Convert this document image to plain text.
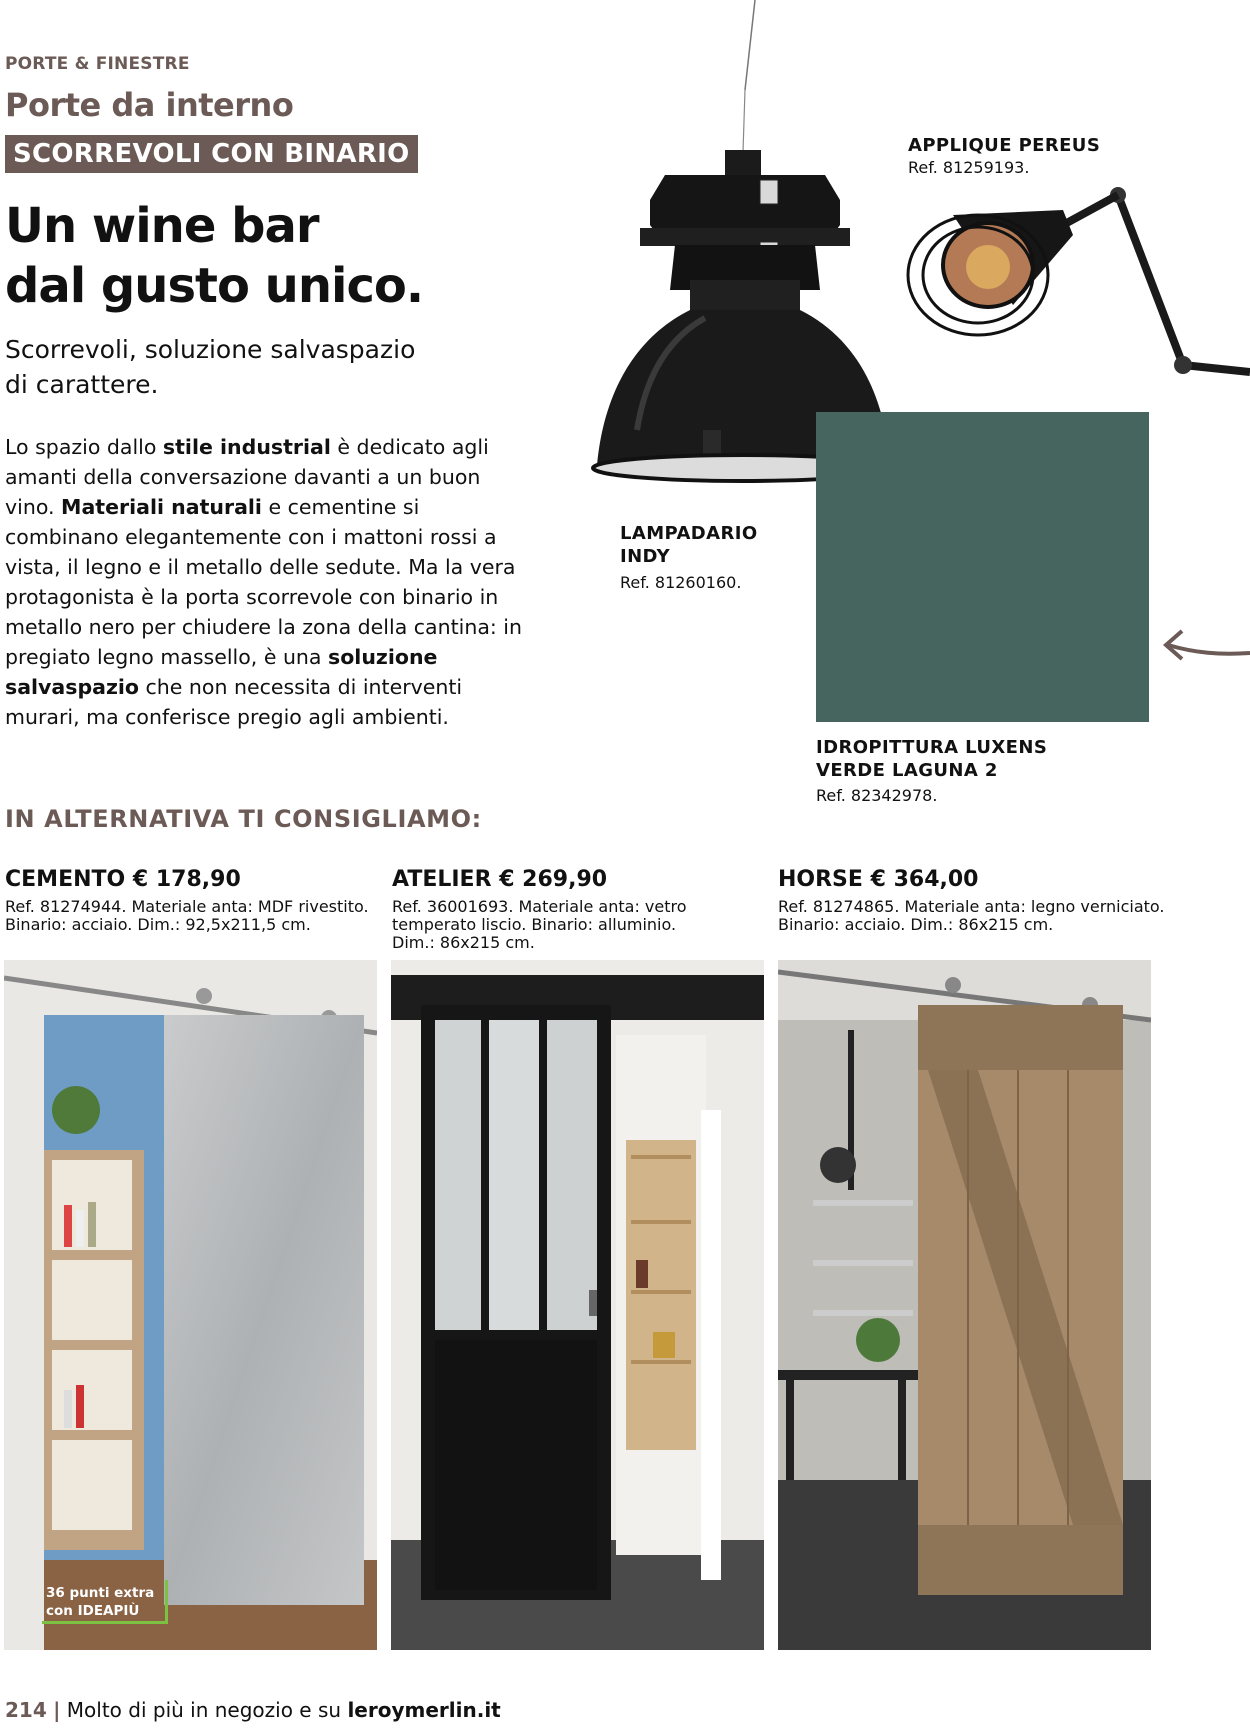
PORTE & FINESTRE
Porte da interno
SCORREVOLI CON BINARIO
Un wine bar
dal gusto unico.
Scorrevoli, soluzione salvaspazio
di carattere.
Lo spazio dallo stile industrial è dedicato agli amanti della conversazione davanti a un buon vino. Materiali naturali e cementine si combinano elegantemente con i mattoni rossi a vista, il legno e il metallo delle sedute. Ma la vera protagonista è la porta scorrevole con binario in metallo nero per chiudere la zona della cantina: in pregiato legno massello, è una soluzione salvaspazio che non necessita di interventi murari, ma conferisce pregio agli ambienti.
APPLIQUE PEREUS
Ref. 81259193.
LAMPADARIO
INDY
Ref. 81260160.
IDROPITTURA LUXENS
VERDE LAGUNA 2
Ref. 82342978.
IN ALTERNATIVA TI CONSIGLIAMO:
CEMENTO € 178,90
Ref. 81274944. Materiale anta: MDF rivestito.
Binario: acciaio. Dim.: 92,5x211,5 cm.
ATELIER € 269,90
Ref. 36001693. Materiale anta: vetro
temperato liscio. Binario: alluminio.
Dim.: 86x215 cm.
HORSE € 364,00
Ref. 81274865. Materiale anta: legno verniciato.
Binario: acciaio. Dim.: 86x215 cm.
36 punti extra
con IDEAPIÙ
214 | Molto di più in negozio e su leroymerlin.it
